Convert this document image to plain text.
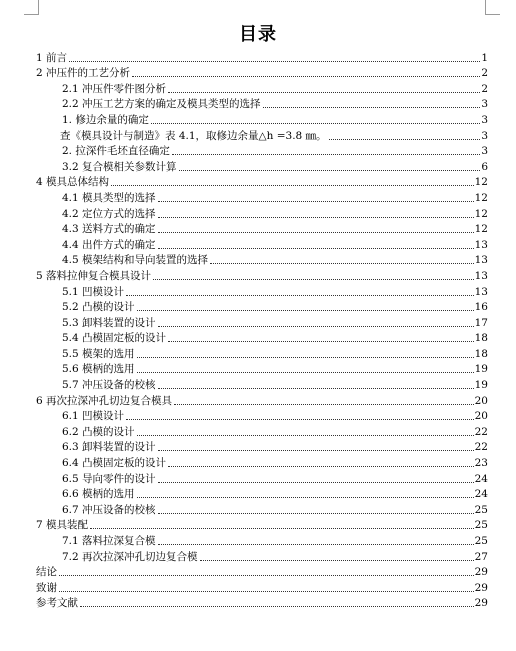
目录
1 前言	1
2 冲压件的工艺分析	2
2.1 冲压件零件图分析	2
2.2 冲压工艺方案的确定及模具类型的选择	3
1. 修边余量的确定	3
查《模具设计与制造》表 4.1，取修边余量△h =3.8 ㎜。	3
2. 拉深件毛坯直径确定	3
3.2 复合模相关参数计算	6
4 模具总体结构	12
4.1 模具类型的选择	12
4.2 定位方式的选择	12
4.3 送料方式的确定	12
4.4 出件方式的确定	13
4.5 模架结构和导向装置的选择	13
5 落料拉伸复合模具设计	13
5.1 凹模设计	13
5.2 凸模的设计	16
5.3 卸料装置的设计	17
5.4 凸模固定板的设计	18
5.5 模架的选用	18
5.6 模柄的选用	19
5.7 冲压设备的校核	19
6 再次拉深冲孔切边复合模具	20
6.1 凹模设计	20
6.2 凸模的设计	22
6.3 卸料装置的设计	22
6.4 凸模固定板的设计	23
6.5 导向零件的设计	24
6.6 模柄的选用	24
6.7 冲压设备的校核	25
7 模具装配	25
7.1 落料拉深复合模	25
7.2 再次拉深冲孔切边复合模	27
结论	29
致谢	29
参考文献	29
